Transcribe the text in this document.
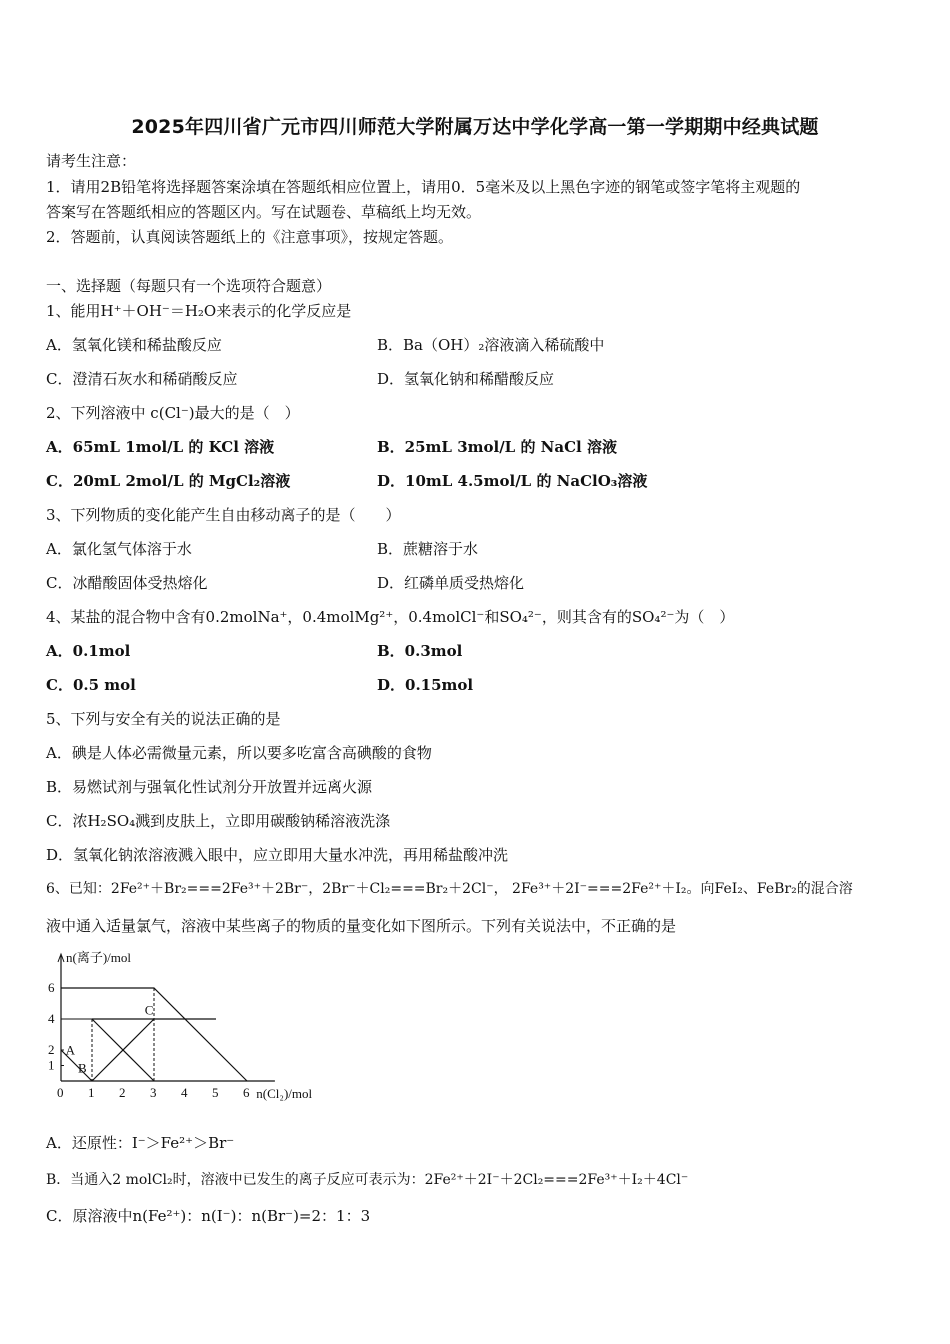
2025年四川省广元市四川师范大学附属万达中学化学高一第一学期期中经典试题
请考生注意：
1．请用2B铅笔将选择题答案涂填在答题纸相应位置上，请用0．5毫米及以上黑色字迹的钢笔或签字笔将主观题的
答案写在答题纸相应的答题区内。写在试题卷、草稿纸上均无效。
2．答题前，认真阅读答题纸上的《注意事项》，按规定答题。
一、选择题（每题只有一个选项符合题意）
1、能用H⁺＋OH⁻＝H₂O来表示的化学反应是
A．氢氧化镁和稀盐酸反应	B．Ba（OH）₂溶液滴入稀硫酸中
C．澄清石灰水和稀硝酸反应	D．氢氧化钠和稀醋酸反应
2、下列溶液中 c(Cl⁻)最大的是（　）
A．65mL 1mol/L 的 KCl 溶液	B．25mL 3mol/L 的 NaCl 溶液
C．20mL 2mol/L 的 MgCl₂溶液	D．10mL 4.5mol/L 的 NaClO₃溶液
3、下列物质的变化能产生自由移动离子的是（　　）
A．氯化氢气体溶于水	B．蔗糖溶于水
C．冰醋酸固体受热熔化	D．红磷单质受热熔化
4、某盐的混合物中含有0.2molNa⁺，0.4molMg²⁺，0.4molCl⁻和SO₄²⁻，则其含有的SO₄²⁻为（　）
A．0.1mol	B．0.3mol
C．0.5 mol	D．0.15mol
5、下列与安全有关的说法正确的是
A．碘是人体必需微量元素，所以要多吃富含高碘酸的食物
B．易燃试剂与强氧化性试剂分开放置并远离火源
C．浓H₂SO₄溅到皮肤上，立即用碳酸钠稀溶液洗涤
D．氢氧化钠浓溶液溅入眼中，应立即用大量水冲洗，再用稀盐酸冲洗
6、已知：2Fe²⁺＋Br₂===2Fe³⁺＋2Br⁻，2Br⁻＋Cl₂===Br₂＋2Cl⁻， 2Fe³⁺＋2I⁻===2Fe²⁺＋I₂。向FeI₂、FeBr₂的混合溶
液中通入适量氯气，溶液中某些离子的物质的量变化如下图所示。下列有关说法中，不正确的是
n(离子)/mol
n(Cl₂)/mol
0 1 2 3 4 5 6
1
2
4
6
A
B
C
A．还原性：I⁻＞Fe²⁺＞Br⁻
B．当通入2 molCl₂时，溶液中已发生的离子反应可表示为：2Fe²⁺＋2I⁻＋2Cl₂===2Fe³⁺＋I₂＋4Cl⁻
C．原溶液中n(Fe²⁺)：n(I⁻)：n(Br⁻)=2：1：3
